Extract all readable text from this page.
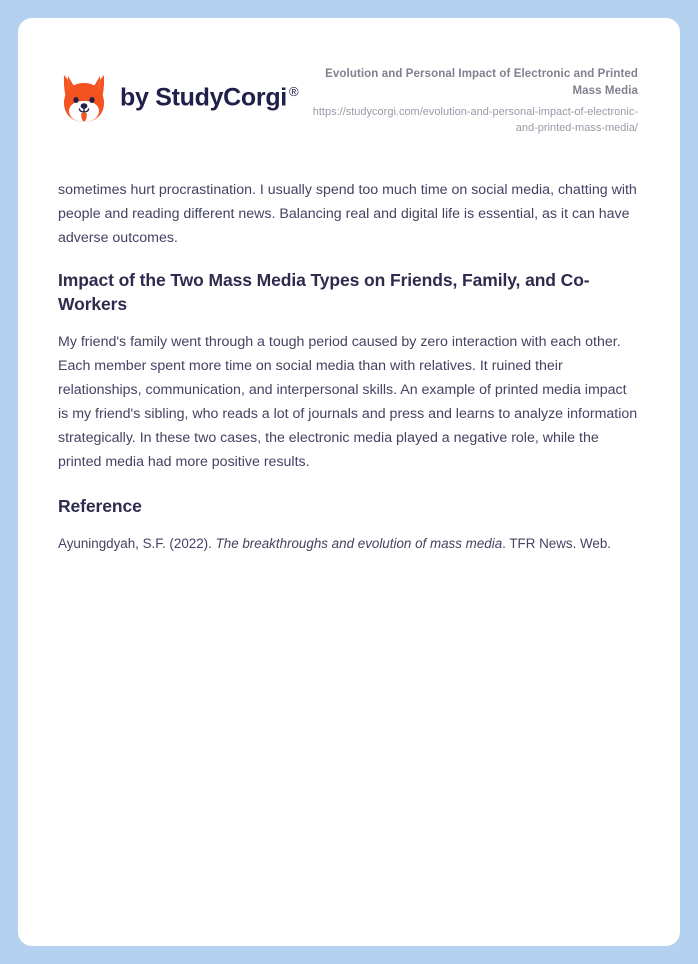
by StudyCorgi ®
Evolution and Personal Impact of Electronic and Printed Mass Media
https://studycorgi.com/evolution-and-personal-impact-of-electronic-and-printed-mass-media/

sometimes hurt procrastination. I usually spend too much time on social media, chatting with people and reading different news. Balancing real and digital life is essential, as it can have adverse outcomes.

Impact of the Two Mass Media Types on Friends, Family, and Co-Workers

My friend's family went through a tough period caused by zero interaction with each other. Each member spent more time on social media than with relatives. It ruined their relationships, communication, and interpersonal skills. An example of printed media impact is my friend's sibling, who reads a lot of journals and press and learns to analyze information strategically. In these two cases, the electronic media played a negative role, while the printed media had more positive results.

Reference

Ayuningdyah, S.F. (2022). The breakthroughs and evolution of mass media. TFR News. Web.
